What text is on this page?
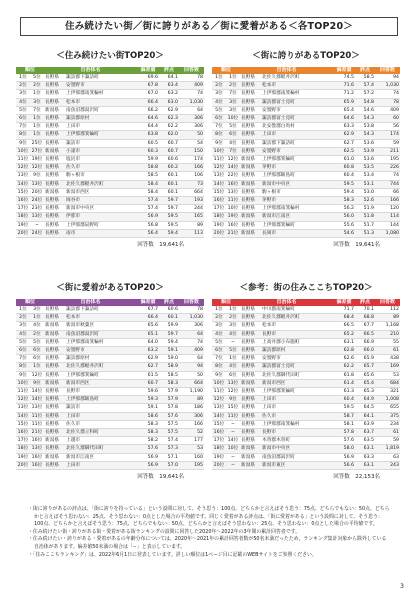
住み続けたい街／街に誇りがある／街に愛着がある＜各TOP20＞
＜住み続けたい街TOP20＞
順位		自治体名		偏差値	評点	回答数
1位	5位	長野県	諏訪郡下諏訪町	69.6	64.1	78
2位	2位	長野県	安曇野市	67.8	63.4	409
3位	1位	長野県	上伊那郡南箕輪村	67.0	63.2	74
4位	3位	長野県	松本市	66.4	63.0	1,030
5位	7位	新潟県	南魚沼郡湯沢町	66.2	62.9	64
6位	1位	長野県	諏訪郡原村	64.6	62.3	306
7位	1位	長野県	上田市	64.4	62.2	306
8位	1位	長野県	上伊那郡箕輪町	63.8	62.0	50
9位	25位	長野県	諏訪市	60.5	60.7	54
10位	27位	新潟県	小諸市	60.3	60.7	150
11位	19位	長野県	塩尻市	59.9	60.6	174
12位	12位	長野県	佐久市	58.8	60.2	166
13位	9位	長野県	駒ヶ根市	58.5	60.1	106
14位	13位	長野県	北佐久郡軽井沢町	58.4	60.1	73
15位	20位	新潟県	新潟市西区	58.4	60.1	664
16位	24位	長野県	岡谷市	57.4	59.7	193
17位	23位	長野県	新潟市中央区	57.4	59.7	244
18位	13位	長野県	伊那市	56.9	59.5	165
19位	−	長野県	上伊那郡辰野町	56.8	59.5	89
20位	24位	長野県	南市	56.4	59.4	113
回答数　19,641名
＜街に誇りがあるTOP20＞
順位		自治体名		偏差値	評点	回答数
1位	1位	長野県	北佐久郡軽井沢町	74.5	58.5	94
2位	2位	長野県	松本市	71.6	57.4	1,030
3位	7位	長野県	上伊那郡南箕輪村	71.2	57.2	74
4位	3位	長野県	諏訪郡富士見町	65.9	54.8	78
5位	3位	長野県	安曇野市	65.4	54.6	409
6位	10位	長野県	諏訪郡富士見町	64.6	54.3	60
7位	5位	長野県	北安曇郡白馬村	63.3	53.8	56
8位	6位	長野県	上田市	62.9	54.3	174
9位	4位	長野県	諏訪郡下諏訪町	62.7	53.6	59
10位	7位	長野県	安曇野市	62.5	53.9	211
11位	12位	新潟県	上伊那郡箕輪町	61.0	53.6	195
12位	14位	新潟県	茅野市	60.8	53.5	226
13位	22位	長野県	上伊那郡飯島町	60.4	53.4	74
14位	16位	新潟県	新潟市中央区	59.5	53.1	744
15位	13位	長野県	駒ヶ根市	59.4	53.0	66
16位	11位	長野県	茅野市	58.3	52.6	166
17位	10位	長野県	上伊那郡南箕輪村	56.2	51.9	120
18位	19位	新潟県	新潟市江南区	56.0	51.8	114
19位	16位	長野県	上伊那郡箕輪町	55.6	51.7	144
20位	21位	新潟県	長岡市	54.6	51.3	1,080
回答数　19,641名
＜街に愛着があるTOP20＞
順位		自治体名		偏差値	評点	回答数
1位	3位	長野県	諏訪郡下諏訪町	67.7	60.6	78
2位	1位	長野県	松本市	66.4	60.1	1,030
3位	4位	新潟県	新潟市秋葉区	65.6	59.9	306
4位	2位	新潟県	南魚沼郡湯沢町	65.1	59.7	64
5位	5位	長野県	上伊那郡南箕輪村	64.0	59.4	74
6位	6位	長野県	安曇野市	63.2	59.1	409
7位	6位	長野県	諏訪郡原村	62.9	59.0	64
8位	1位	長野県	北佐久郡軽井沢町	62.7	58.9	94
9位	12位	長野県	上伊那郡箕輪町	61.5	58.5	50
10位	9位	新潟県	新潟市西区	60.7	58.3	664
11位	14位	長野県	長野市	59.6	57.9	1,190
12位	14位	長野県	上伊那郡飯島町	59.3	57.9	89
13位	13位	長野県	諏訪市	59.1	57.8	186
14位	11位	長野県	上田市	58.6	57.6	306
15位	11位	長野県	佐久市	58.3	57.5	166
16位	21位	長野県	北佐久郡立科町	58.3	57.5	52
17位	16位	新潟県	上越市	58.2	57.4	177
18位	13位	長野県	北佐久郡御代田町	57.6	57.3	53
19位	16位	新潟県	新潟市江南区	56.9	57.1	160
20位	16位	長野県	上田市	56.9	57.0	195
回答数　19,641名
＜参考：街の住みここちTOP20＞
順位		自治体名		偏差値	評点	回答数
1位	1位	長野県	中川郡南箕輪町	71.7	70.1	112
2位	2位	長野県	北佐久郡軽井沢町	68.4	68.8	89
3位	3位	長野県	松本市	66.5	67.7	1,168
4位	4位	長野県	長野市	65.2	66.5	210
5位	−	長野県	上高井郡小布施町	63.1	66.9	55
6位	5位	長野県	諏訪郡原村	62.8	66.0	61
7位	1位	長野県	安曇野市	62.6	65.9	438
8位	4位	長野県	諏訪郡富士見町	62.2	65.7	169
9位	6位	長野県	北佐久郡御代田町	61.8	65.6	53
10位	13位	新潟県	新潟市西区	61.4	65.4	684
11位	12位	長野県	上伊那郡箕輪町	61.3	65.3	321
12位	9位	長野県	上田市	60.4	64.9	1,008
13位	15位	長野県	上田市	59.5	64.5	655
14位	11位	長野県	佐久市	58.7	64.1	375
15位	−	長野県	上伊那郡南箕輪村	58.1	63.9	234
16位	−	長野県	長野市	57.8	63.7	61
17位	14位	長野県	木曽郡木曽町	57.6	63.5	59
18位	10位	新潟県	新潟市中央区	58.0	63.1	1,819
19位	−	新潟県	南魚沼郡湯沢町	56.9	63.3	63
20位	−	新潟県	新潟市東区	56.6	63.1	243
回答数　22,153名

・街に誇りがあるの評点は、「街に誇りを持っている」という設問に対して、そう思う：100点、どちらかと言えばそう思う：75点、どちらでもない：50点、どちらかと言えばそう思わない：25点、そう思わない：0点とした場合の平均値です。同じく愛着がある評点は、「街に愛着がある」という設問に対して、そう思う：100点、どちらかと言えばそう思う：75点、どちらでもない：50点、どちらかと言えばそう思わない：25点、そう思わない：0点とした場合の平均値です。

・住み続けたい街・誇りがある街・愛着がある街ランキングの設問に回答した2020年〜2022年の3年間の累計回答者です。

・住み続けたい・誇りがある・愛着があるの年齢分布については、2020年〜2021年の累計回答者数が50名未満だったため、ランキング集計対象から除外している自治体があります。偏差値50未満の場合は「−」と表示しています。

・「住みここちランキング」は、2022年6月1日に発表しています。詳しい順位は1ページ目に記載のWEBサイトをご参照ください。

3
